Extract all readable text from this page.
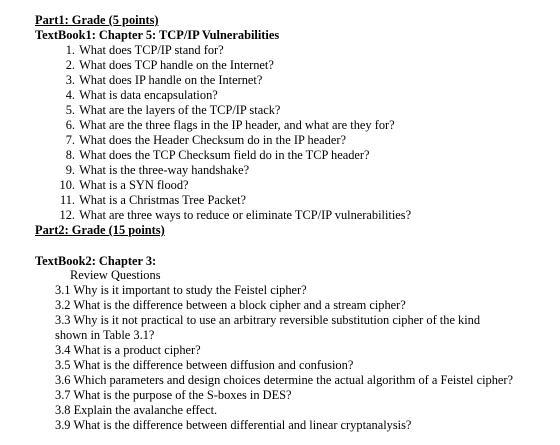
Part1: Grade (5 points)
TextBook1: Chapter 5: TCP/IP Vulnerabilities
1. What does TCP/IP stand for?
2. What does TCP handle on the Internet?
3. What does IP handle on the Internet?
4. What is data encapsulation?
5. What are the layers of the TCP/IP stack?
6. What are the three flags in the IP header, and what are they for?
7. What does the Header Checksum do in the IP header?
8. What does the TCP Checksum field do in the TCP header?
9. What is the three-way handshake?
10. What is a SYN flood?
11. What is a Christmas Tree Packet?
12. What are three ways to reduce or eliminate TCP/IP vulnerabilities?
Part2: Grade (15 points)
TextBook2: Chapter 3:
Review Questions
3.1 Why is it important to study the Feistel cipher?
3.2 What is the difference between a block cipher and a stream cipher?
3.3 Why is it not practical to use an arbitrary reversible substitution cipher of the kind
shown in Table 3.1?
3.4 What is a product cipher?
3.5 What is the difference between diffusion and confusion?
3.6 Which parameters and design choices determine the actual algorithm of a Feistel cipher?
3.7 What is the purpose of the S-boxes in DES?
3.8 Explain the avalanche effect.
3.9 What is the difference between differential and linear cryptanalysis?
